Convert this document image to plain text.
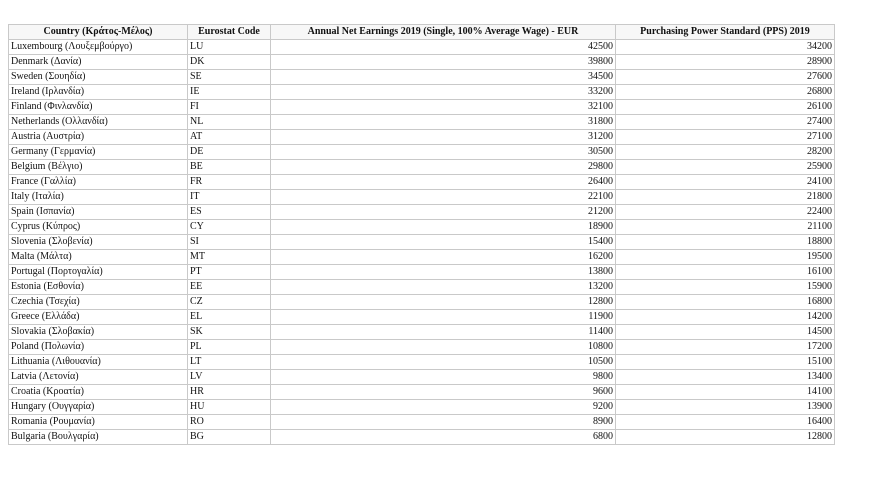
Country (Κράτος-Μέλος)	Eurostat Code	Annual Net Earnings 2019 (Single, 100% Average Wage) - EUR	Purchasing Power Standard (PPS) 2019
Luxembourg (Λουξεμβούργο)	LU	42500	34200
Denmark (Δανία)	DK	39800	28900
Sweden (Σουηδία)	SE	34500	27600
Ireland (Ιρλανδία)	IE	33200	26800
Finland (Φινλανδία)	FI	32100	26100
Netherlands (Ολλανδία)	NL	31800	27400
Austria (Αυστρία)	AT	31200	27100
Germany (Γερμανία)	DE	30500	28200
Belgium (Βέλγιο)	BE	29800	25900
France (Γαλλία)	FR	26400	24100
Italy (Ιταλία)	IT	22100	21800
Spain (Ισπανία)	ES	21200	22400
Cyprus (Κύπρος)	CY	18900	21100
Slovenia (Σλοβενία)	SI	15400	18800
Malta (Μάλτα)	MT	16200	19500
Portugal (Πορτογαλία)	PT	13800	16100
Estonia (Εσθονία)	EE	13200	15900
Czechia (Τσεχία)	CZ	12800	16800
Greece (Ελλάδα)	EL	11900	14200
Slovakia (Σλοβακία)	SK	11400	14500
Poland (Πολωνία)	PL	10800	17200
Lithuania (Λιθουανία)	LT	10500	15100
Latvia (Λετονία)	LV	9800	13400
Croatia (Κροατία)	HR	9600	14100
Hungary (Ουγγαρία)	HU	9200	13900
Romania (Ρουμανία)	RO	8900	16400
Bulgaria (Βουλγαρία)	BG	6800	12800
